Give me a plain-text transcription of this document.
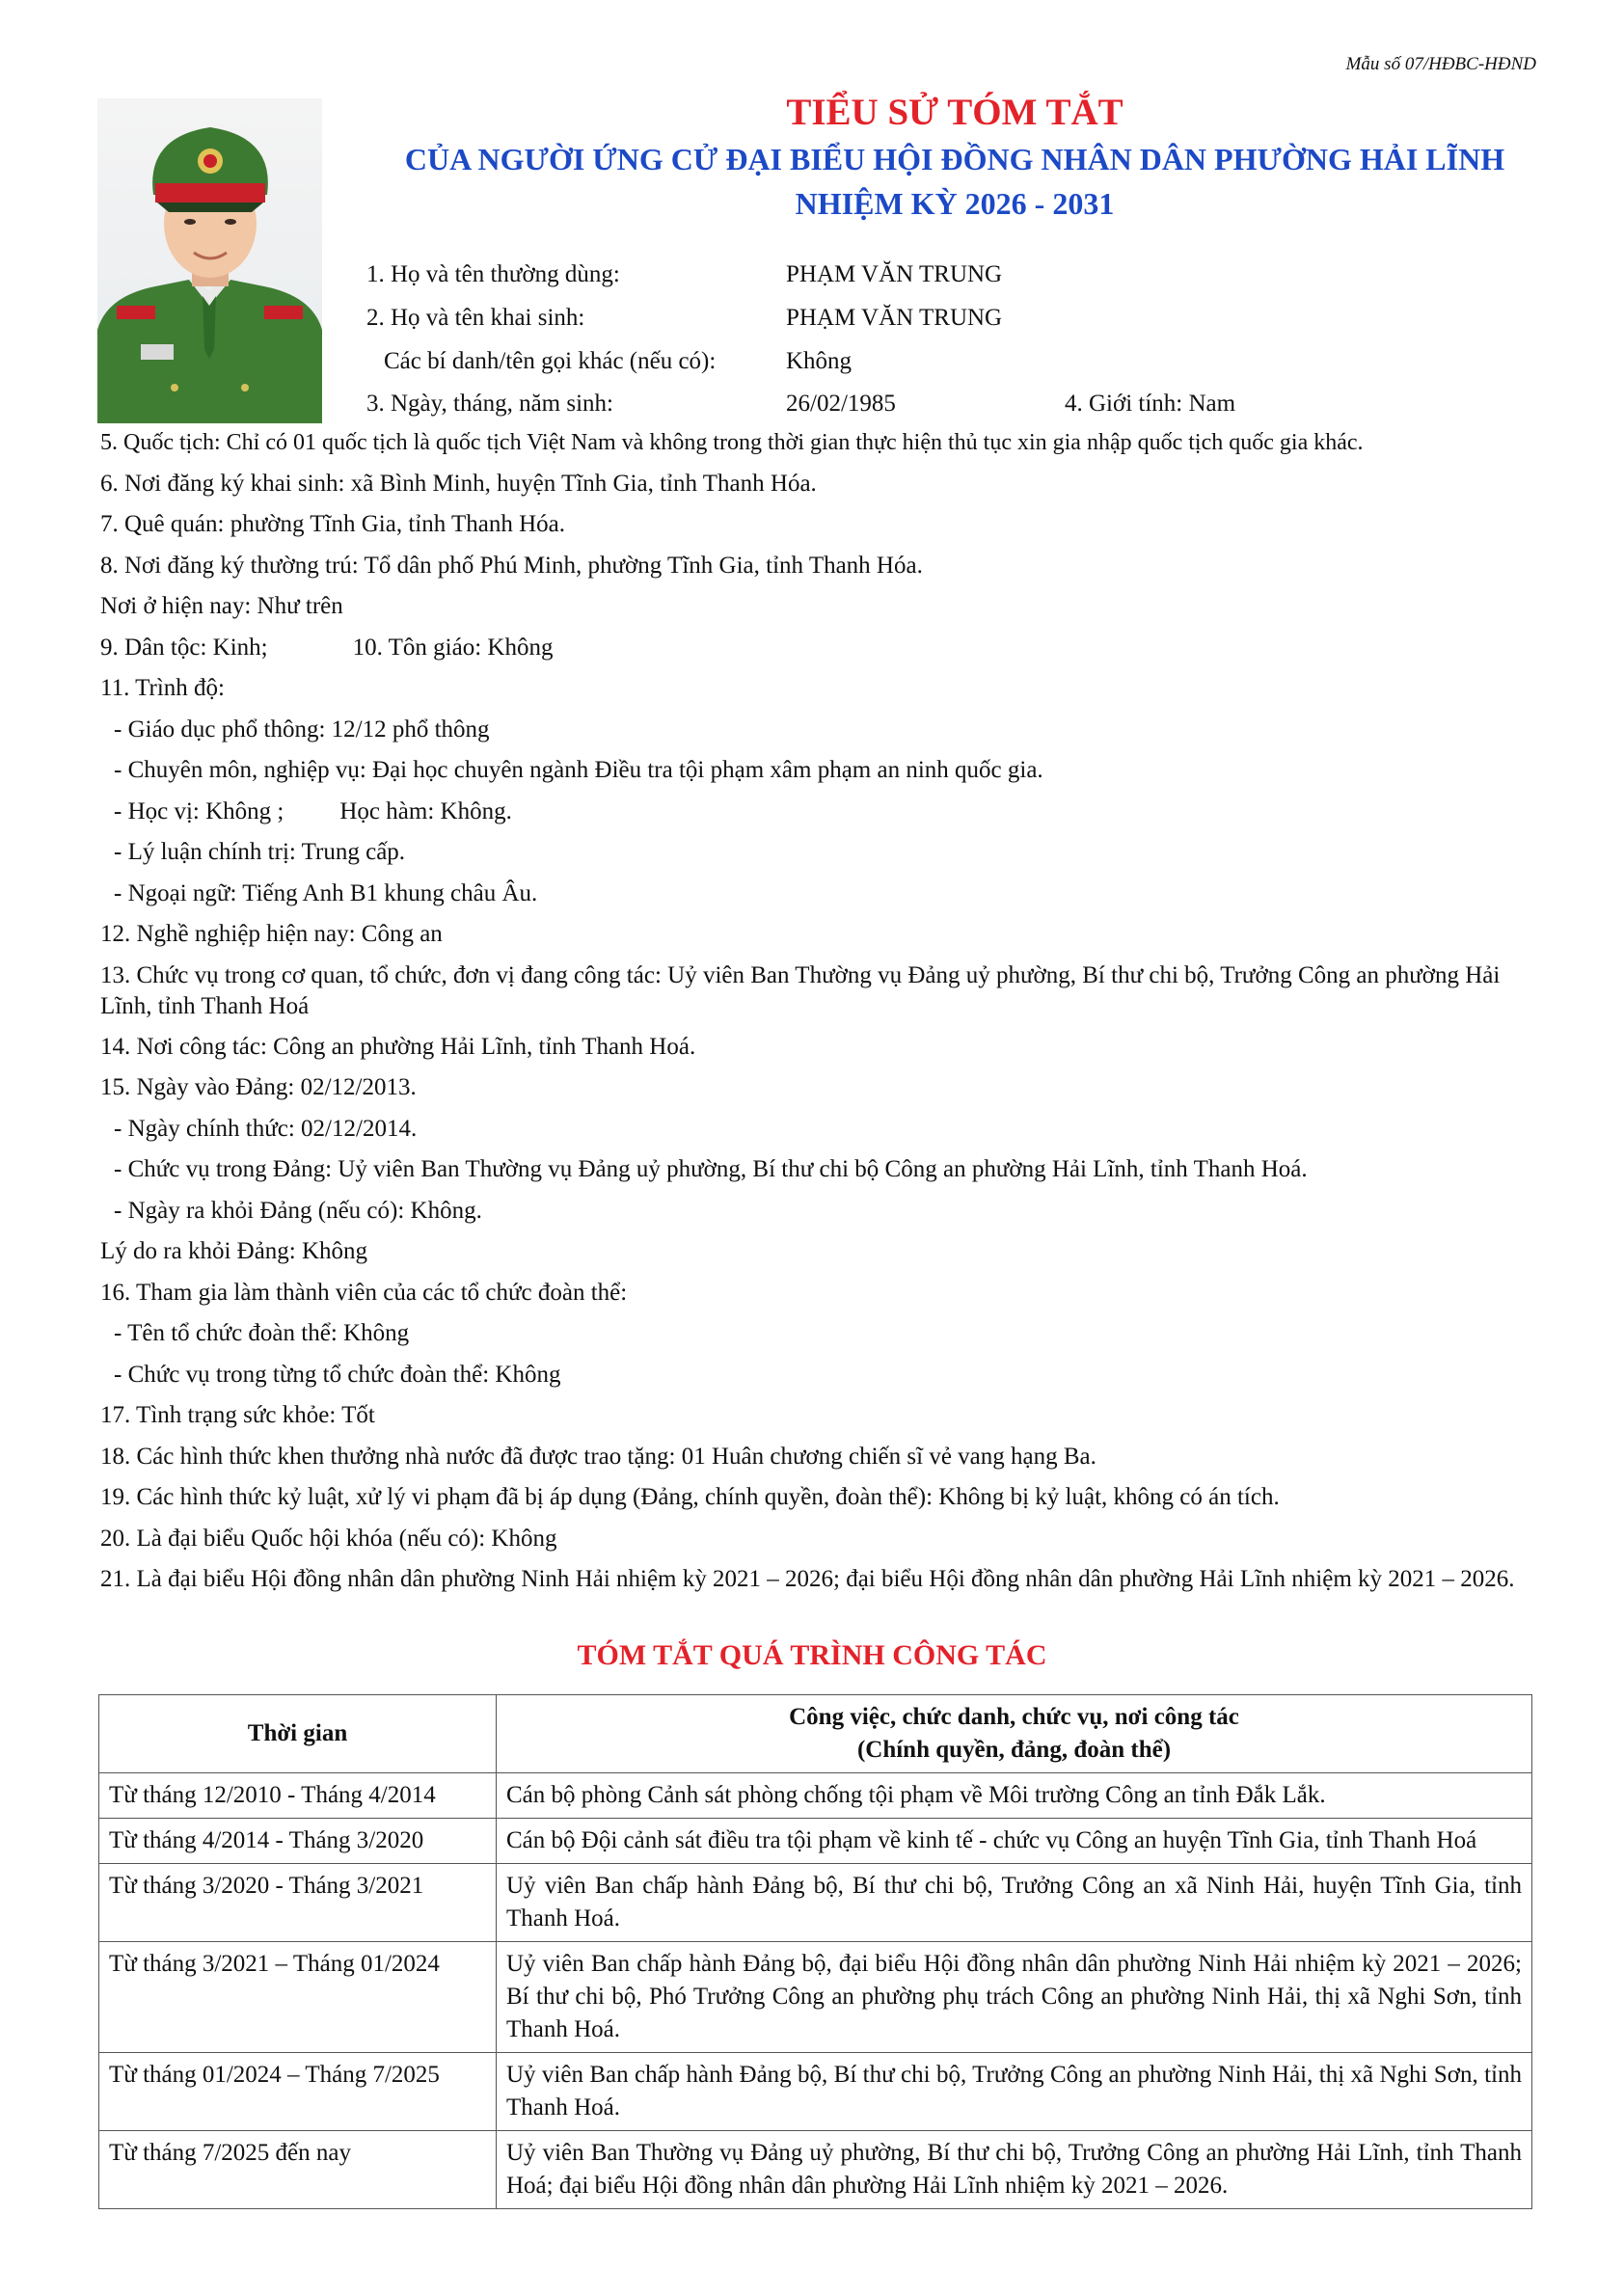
Mẫu số 07/HĐBC-HĐND
TIỂU SỬ TÓM TẮT
CỦA NGƯỜI ỨNG CỬ ĐẠI BIỂU HỘI ĐỒNG NHÂN DÂN PHƯỜNG HẢI LĨNH
NHIỆM KỲ 2026 - 2031
1. Họ và tên thường dùng:	PHẠM VĂN TRUNG
2. Họ và tên khai sinh:	PHẠM VĂN TRUNG
Các bí danh/tên gọi khác (nếu có):	Không
3. Ngày, tháng, năm sinh:	26/02/1985	4. Giới tính: Nam
5. Quốc tịch: Chỉ có 01 quốc tịch là quốc tịch Việt Nam và không trong thời gian thực hiện thủ tục xin gia nhập quốc tịch quốc gia khác.
6. Nơi đăng ký khai sinh: xã Bình Minh, huyện Tĩnh Gia, tỉnh Thanh Hóa.
7. Quê quán: phường Tĩnh Gia, tỉnh Thanh Hóa.
8. Nơi đăng ký thường trú: Tổ dân phố Phú Minh, phường Tĩnh Gia, tỉnh Thanh Hóa.
Nơi ở hiện nay: Như trên
9. Dân tộc: Kinh;	10. Tôn giáo: Không
11. Trình độ:
- Giáo dục phổ thông: 12/12 phổ thông
- Chuyên môn, nghiệp vụ: Đại học chuyên ngành Điều tra tội phạm xâm phạm an ninh quốc gia.
- Học vị: Không ; Học hàm: Không.
- Lý luận chính trị: Trung cấp.
- Ngoại ngữ: Tiếng Anh B1 khung châu Âu.
12. Nghề nghiệp hiện nay: Công an
13. Chức vụ trong cơ quan, tổ chức, đơn vị đang công tác: Uỷ viên Ban Thường vụ Đảng uỷ phường, Bí thư chi bộ, Trưởng Công an phường Hải Lĩnh, tỉnh Thanh Hoá
14. Nơi công tác: Công an phường Hải Lĩnh, tỉnh Thanh Hoá.
15. Ngày vào Đảng: 02/12/2013.
- Ngày chính thức: 02/12/2014.
- Chức vụ trong Đảng: Uỷ viên Ban Thường vụ Đảng uỷ phường, Bí thư chi bộ Công an phường Hải Lĩnh, tỉnh Thanh Hoá.
- Ngày ra khỏi Đảng (nếu có): Không.
Lý do ra khỏi Đảng: Không
16. Tham gia làm thành viên của các tổ chức đoàn thể:
- Tên tổ chức đoàn thể: Không
- Chức vụ trong từng tổ chức đoàn thể: Không
17. Tình trạng sức khỏe: Tốt
18. Các hình thức khen thưởng nhà nước đã được trao tặng: 01 Huân chương chiến sĩ vẻ vang hạng Ba.
19. Các hình thức kỷ luật, xử lý vi phạm đã bị áp dụng (Đảng, chính quyền, đoàn thể): Không bị kỷ luật, không có án tích.
20. Là đại biểu Quốc hội khóa (nếu có): Không
21. Là đại biểu Hội đồng nhân dân phường Ninh Hải nhiệm kỳ 2021 – 2026; đại biểu Hội đồng nhân dân phường Hải Lĩnh nhiệm kỳ 2021 – 2026.
TÓM TẮT QUÁ TRÌNH CÔNG TÁC
Thời gian	Công việc, chức danh, chức vụ, nơi công tác
(Chính quyền, đảng, đoàn thể)

Từ tháng 12/2010 - Tháng 4/2014	Cán bộ phòng Cảnh sát phòng chống tội phạm về Môi trường Công an tỉnh Đắk Lắk.
Từ tháng 4/2014 - Tháng 3/2020	Cán bộ Đội cảnh sát điều tra tội phạm về kinh tế - chức vụ Công an huyện Tĩnh Gia, tỉnh Thanh Hoá
Từ tháng 3/2020 - Tháng 3/2021	Uỷ viên Ban chấp hành Đảng bộ, Bí thư chi bộ, Trưởng Công an xã Ninh Hải, huyện Tĩnh Gia, tỉnh Thanh Hoá.
Từ tháng 3/2021 – Tháng 01/2024	Uỷ viên Ban chấp hành Đảng bộ, đại biểu Hội đồng nhân dân phường Ninh Hải nhiệm kỳ 2021 – 2026; Bí thư chi bộ, Phó Trưởng Công an phường phụ trách Công an phường Ninh Hải, thị xã Nghi Sơn, tỉnh Thanh Hoá.
Từ tháng 01/2024 – Tháng 7/2025	Uỷ viên Ban chấp hành Đảng bộ, Bí thư chi bộ, Trưởng Công an phường Ninh Hải, thị xã Nghi Sơn, tỉnh Thanh Hoá.
Từ tháng 7/2025 đến nay	Uỷ viên Ban Thường vụ Đảng uỷ phường, Bí thư chi bộ, Trưởng Công an phường Hải Lĩnh, tỉnh Thanh Hoá; đại biểu Hội đồng nhân dân phường Hải Lĩnh nhiệm kỳ 2021 – 2026.
